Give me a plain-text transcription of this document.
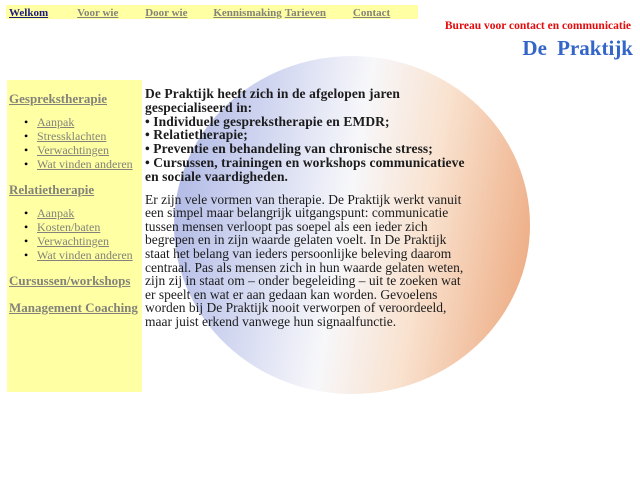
Welkom	Voor wie	Door wie	Kennismaking Tarieven	Contact
Bureau voor contact en communicatie
De Praktijk
Gesprekstherapie

• Aanpak
• Stressklachten
• Verwachtingen
• Wat vinden anderen
Relatietherapie

• Aanpak
• Kosten/baten
• Verwachtingen
• Wat vinden anderen
Cursussen/workshops
Management Coaching

De Praktijk heeft zich in de afgelopen jaren gespecialiseerd in:
• Individuele gesprekstherapie en EMDR;
• Relatietherapie;
• Preventie en behandeling van chronische stress;
• Cursussen, trainingen en workshops communicatieve en sociale vaardigheden.
Er zijn vele vormen van therapie. De Praktijk werkt vanuit een simpel maar belangrijk uitgangspunt: communicatie tussen mensen verloopt pas soepel als een ieder zich begrepen en in zijn waarde gelaten voelt. In De Praktijk staat het belang van ieders persoonlijke beleving daarom centraal. Pas als mensen zich in hun waarde gelaten weten, zijn zij in staat om – onder begeleiding – uit te zoeken wat er speelt en wat er aan gedaan kan worden. Gevoelens worden bij De Praktijk nooit verworpen of veroordeeld, maar juist erkend vanwege hun signaalfunctie.
